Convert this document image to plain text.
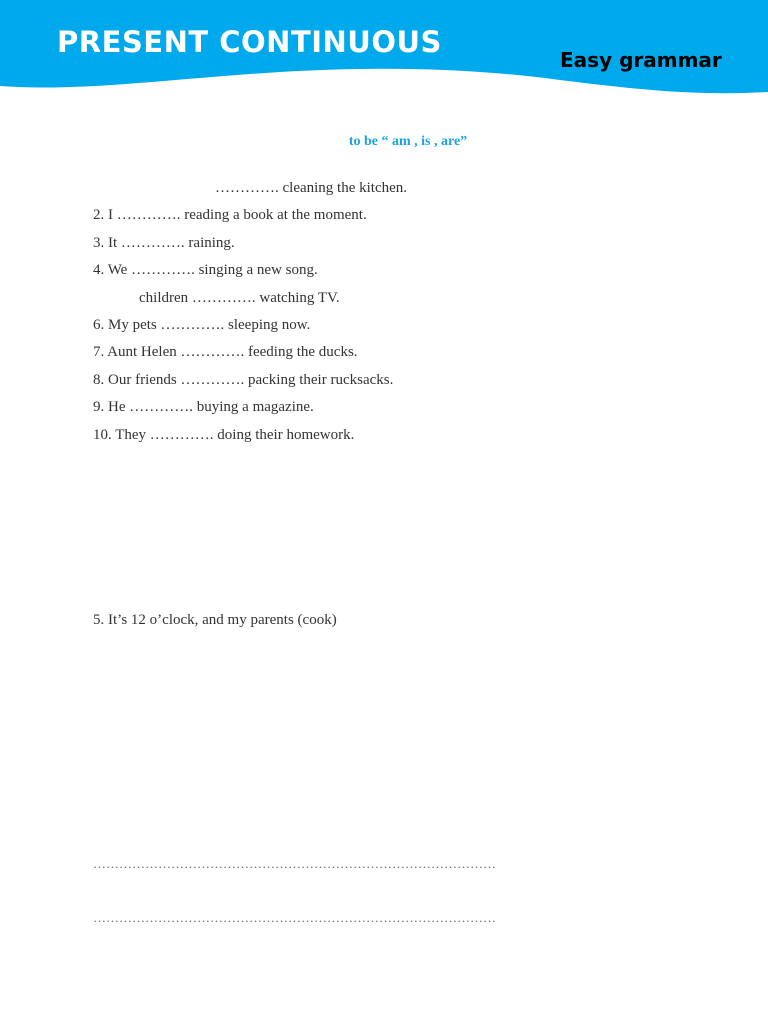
PRESENT CONTINUOUS
Easy grammar
to be “ am , is , are”
…………. cleaning the kitchen.
2. I …………. reading a book at the moment.
3. It …………. raining.
4. We …………. singing a new song.
children …………. watching TV.
6. My pets …………. sleeping now.
7. Aunt Helen …………. feeding the ducks.
8. Our friends …………. packing their rucksacks.
9. He …………. buying a magazine.
10. They …………. doing their homework.
5. It’s 12 o’clock, and my parents (cook)
…………………………………………………………………………………
…………………………………………………………………………………
